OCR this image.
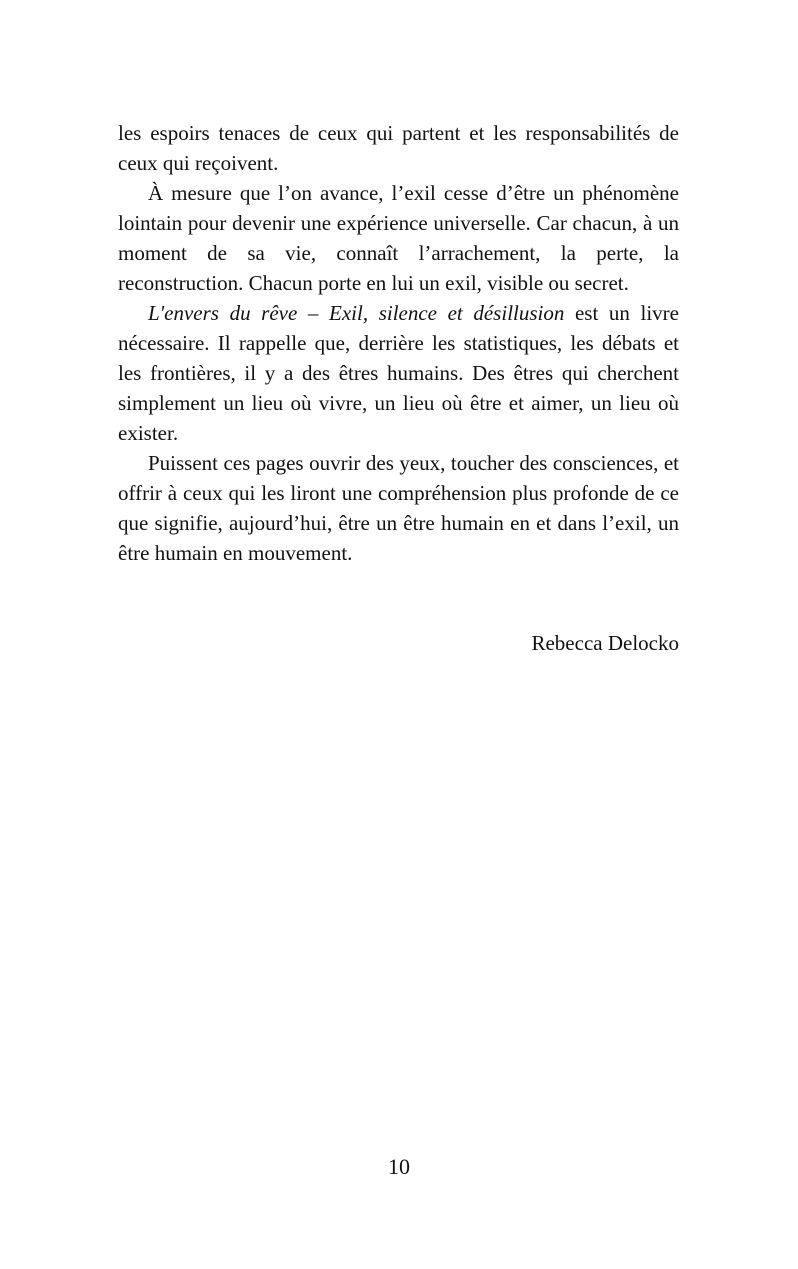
les espoirs tenaces de ceux qui partent et les responsabilités de ceux qui reçoivent.

À mesure que l’on avance, l’exil cesse d’être un phénomène lointain pour devenir une expérience universelle. Car chacun, à un moment de sa vie, connaît l’arrachement, la perte, la reconstruction. Chacun porte en lui un exil, visible ou secret.

L'envers du rêve – Exil, silence et désillusion est un livre nécessaire. Il rappelle que, derrière les statistiques, les débats et les frontières, il y a des êtres humains. Des êtres qui cherchent simplement un lieu où vivre, un lieu où être et aimer, un lieu où exister.

Puissent ces pages ouvrir des yeux, toucher des consciences, et offrir à ceux qui les liront une compréhension plus profonde de ce que signifie, aujourd’hui, être un être humain en et dans l’exil, un être humain en mouvement.

Rebecca Delocko
10
